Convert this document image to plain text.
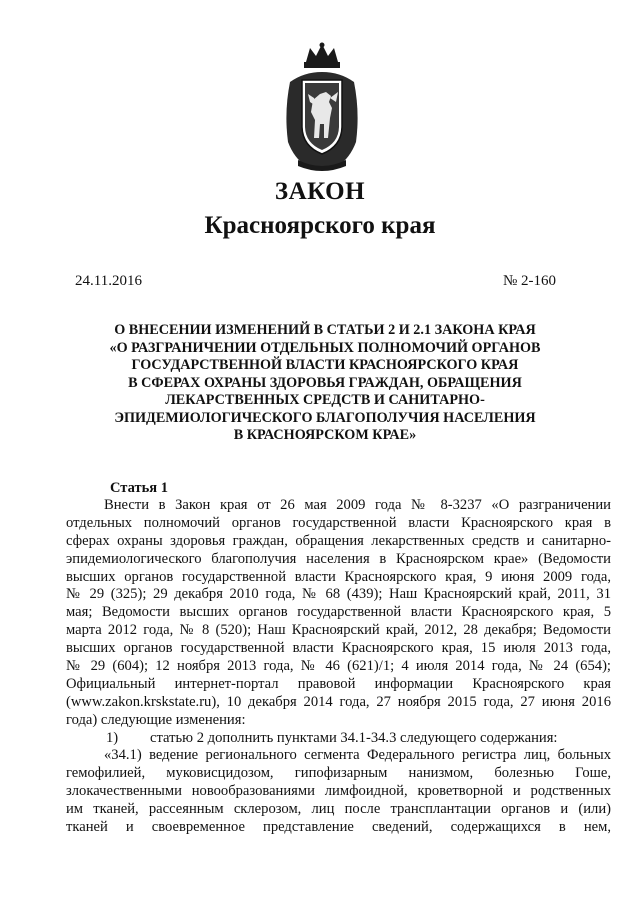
ЗАКОН
Красноярского края
24.11.2016	№ 2-160
О ВНЕСЕНИИ ИЗМЕНЕНИЙ В СТАТЬИ 2 И 2.1 ЗАКОНА КРАЯ
«О РАЗГРАНИЧЕНИИ ОТДЕЛЬНЫХ ПОЛНОМОЧИЙ ОРГАНОВ
ГОСУДАРСТВЕННОЙ ВЛАСТИ КРАСНОЯРСКОГО КРАЯ
В СФЕРАХ ОХРАНЫ ЗДОРОВЬЯ ГРАЖДАН, ОБРАЩЕНИЯ
ЛЕКАРСТВЕННЫХ СРЕДСТВ И САНИТАРНО-
ЭПИДЕМИОЛОГИЧЕСКОГО БЛАГОПОЛУЧИЯ НАСЕЛЕНИЯ
В КРАСНОЯРСКОМ КРАЕ»
Статья 1
Внести в Закон края от 26 мая 2009 года № 8-3237 «О разграничении
отдельных полномочий органов государственной власти Красноярского края в
сферах охраны здоровья граждан, обращения лекарственных средств и санитарно-
эпидемиологического благополучия населения в Красноярском крае» (Ведомости
высших органов государственной власти Красноярского края, 9 июня 2009 года,
№ 29 (325); 29 декабря 2010 года, № 68 (439); Наш Красноярский край, 2011, 31
мая; Ведомости высших органов государственной власти Красноярского края, 5
марта 2012 года, № 8 (520); Наш Красноярский край, 2012, 28 декабря; Ведомости
высших органов государственной власти Красноярского края, 15 июля 2013 года,
№ 29 (604); 12 ноября 2013 года, № 46 (621)/1; 4 июля 2014 года, № 24 (654);
Официальный интернет-портал правовой информации Красноярского края
(www.zakon.krskstate.ru), 10 декабря 2014 года, 27 ноября 2015 года, 27 июня 2016
года) следующие изменения:
1) статью 2 дополнить пунктами 34.1-34.3 следующего содержания:
«34.1) ведение регионального сегмента Федерального регистра лиц, больных
гемофилией, муковисцидозом, гипофизарным нанизмом, болезнью Гоше,
злокачественными новообразованиями лимфоидной, кроветворной и родственных
им тканей, рассеянным склерозом, лиц после трансплантации органов и (или)
тканей и своевременное представление сведений, содержащихся в нем,
